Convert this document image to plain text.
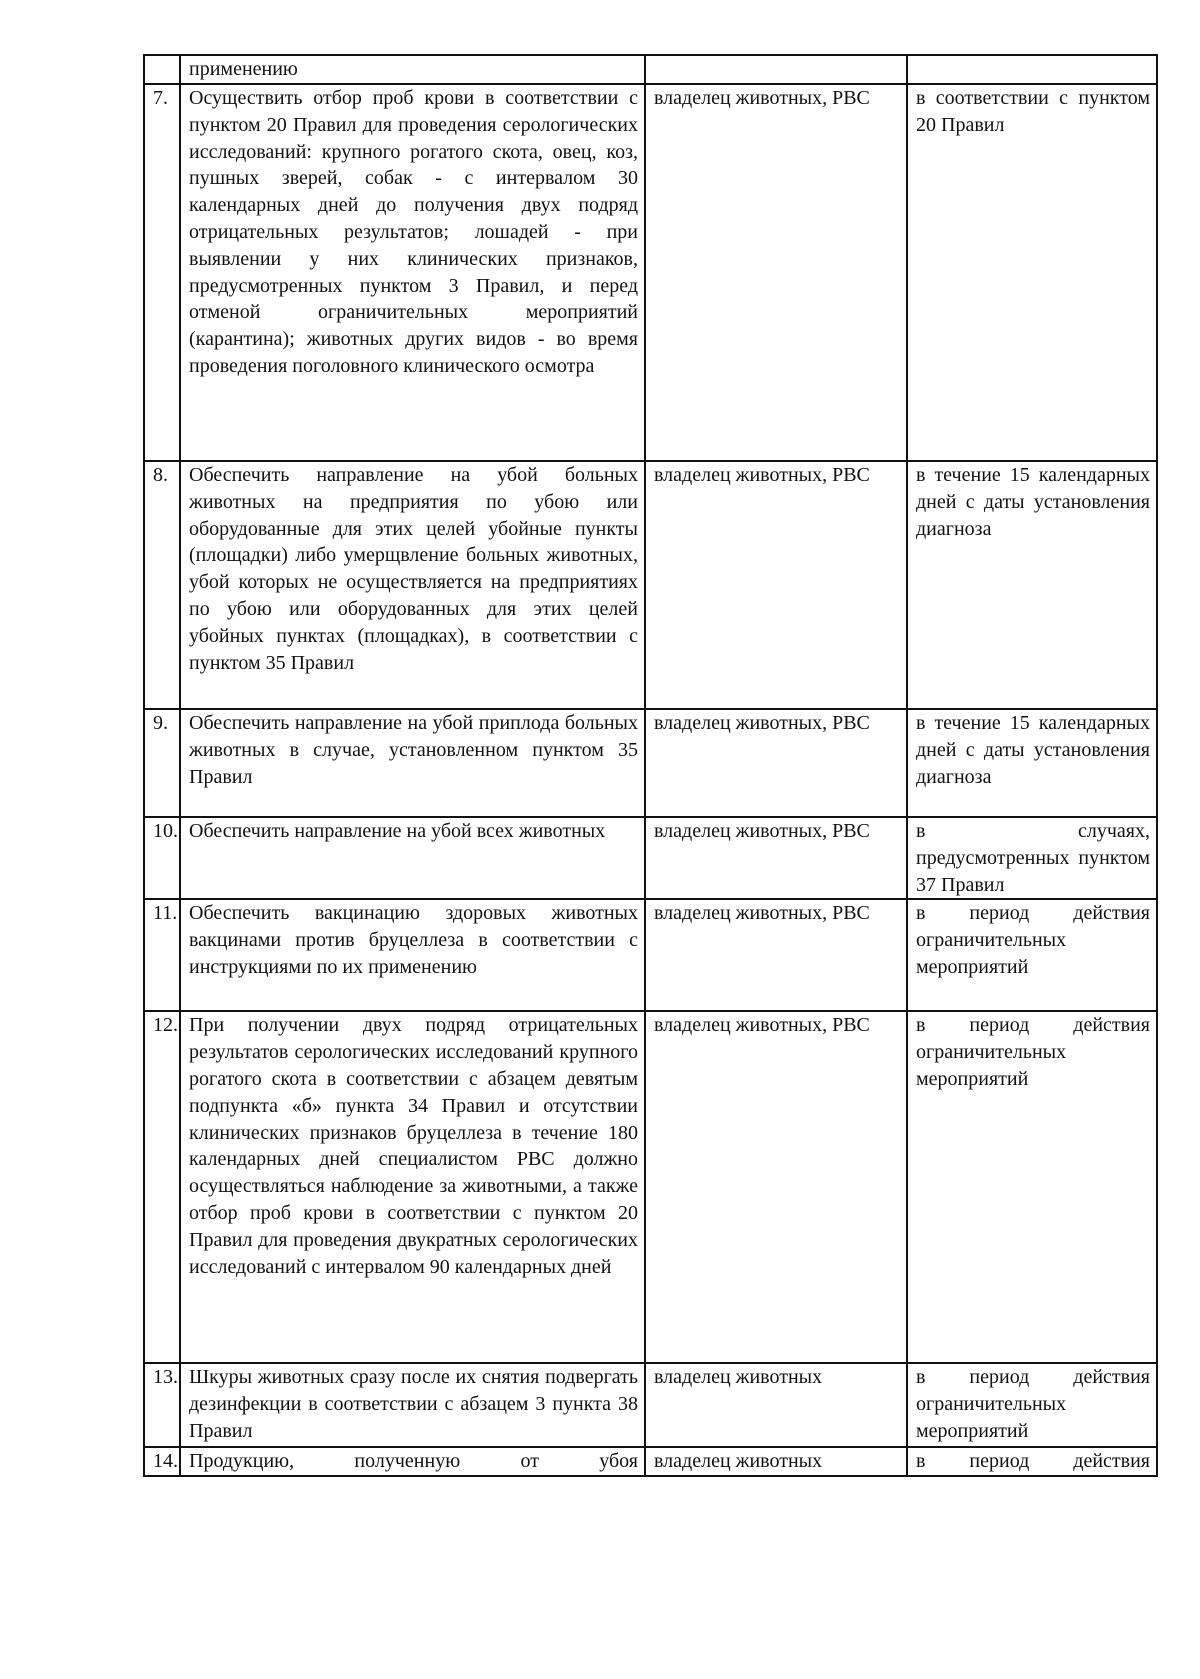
	применению		
7.	Осуществить отбор проб крови в соответствии с пунктом 20 Правил для проведения серологических исследований: крупного рогатого скота, овец, коз, пушных зверей, собак - с интервалом 30 календарных дней до получения двух подряд отрицательных результатов; лошадей - при выявлении у них клинических признаков, предусмотренных пунктом 3 Правил, и перед отменой ограничительных мероприятий (карантина); животных других видов - во время проведения поголовного клинического осмотра	владелец животных, РВС	в соответствии с пунктом 20 Правил
8.	Обеспечить направление на убой больных животных на предприятия по убою или оборудованные для этих целей убойные пункты (площадки) либо умерщвление больных животных, убой которых не осуществляется на предприятиях по убою или оборудованных для этих целей убойных пунктах (площадках), в соответствии с пунктом 35 Правил	владелец животных, РВС	в течение 15 календарных дней с даты установления диагноза
9.	Обеспечить направление на убой приплода больных животных в случае, установленном пунктом 35 Правил	владелец животных, РВС	в течение 15 календарных дней с даты установления диагноза
10.	Обеспечить направление на убой всех животных	владелец животных, РВС	в случаях, предусмотренных пунктом 37 Правил
11.	Обеспечить вакцинацию здоровых животных вакцинами против бруцеллеза в соответствии с инструкциями по их применению	владелец животных, РВС	в период действия ограничительных мероприятий
12.	При получении двух подряд отрицательных результатов серологических исследований крупного рогатого скота в соответствии с абзацем девятым подпункта «б» пункта 34 Правил и отсутствии клинических признаков бруцеллеза в течение 180 календарных дней специалистом РВС должно осуществляться наблюдение за животными, а также отбор проб крови в соответствии с пунктом 20 Правил для проведения двукратных серологических исследований с интервалом 90 календарных дней	владелец животных, РВС	в период действия ограничительных мероприятий
13.	Шкуры животных сразу после их снятия подвергать дезинфекции в соответствии с абзацем 3 пункта 38 Правил	владелец животных	в период действия ограничительных мероприятий
14.	Продукцию, полученную от убоя	владелец животных	в период действия
